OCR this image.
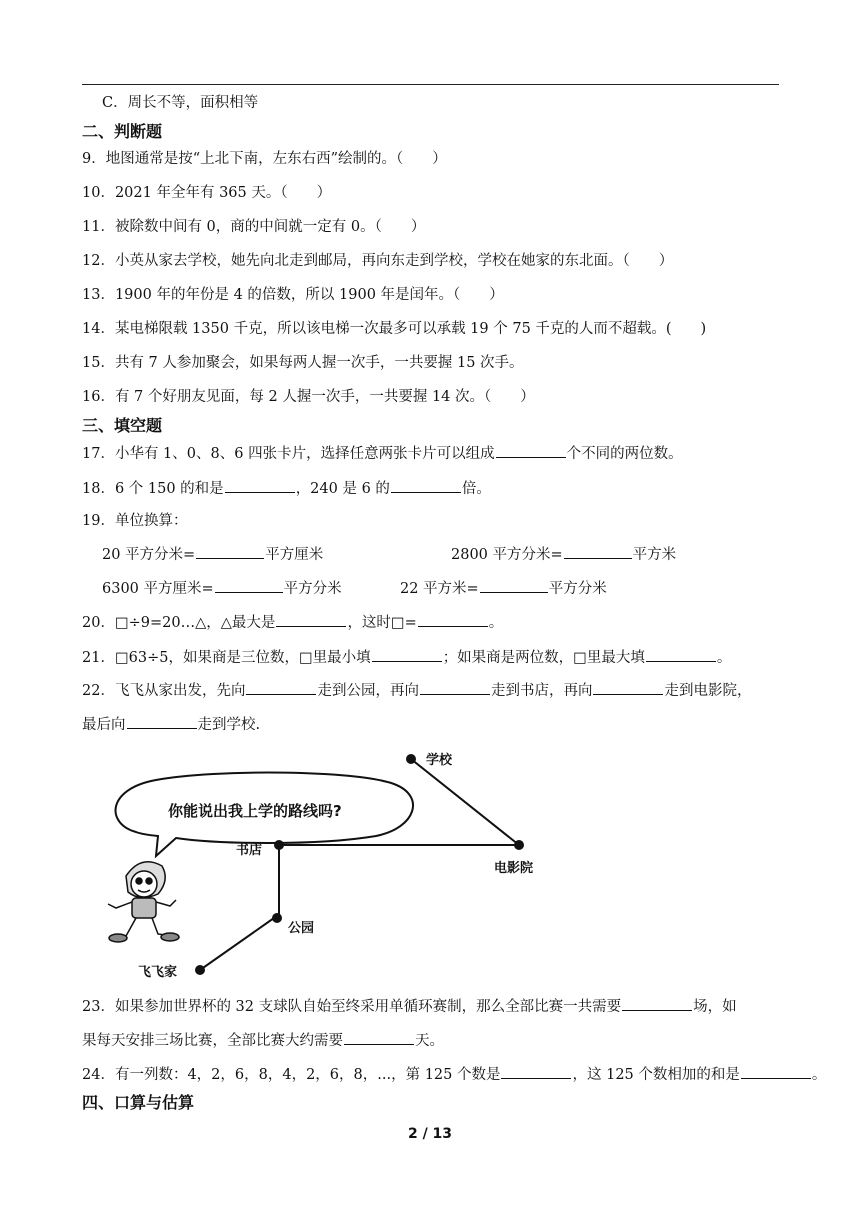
C．周长不等，面积相等
二、判断题
9．地图通常是按“上北下南，左东右西”绘制的。（　　）
10．2021 年全年有 365 天。（　　）
11．被除数中间有 0，商的中间就一定有 0。（　　）
12．小英从家去学校，她先向北走到邮局，再向东走到学校，学校在她家的东北面。（　　）
13．1900 年的年份是 4 的倍数，所以 1900 年是闰年。（　　）
14．某电梯限载 1350 千克，所以该电梯一次最多可以承载 19 个 75 千克的人而不超载。(　　)
15．共有 7 人参加聚会，如果每两人握一次手，一共要握 15 次手。
16．有 7 个好朋友见面，每 2 人握一次手，一共要握 14 次。（　　）
三、填空题
17．小华有 1、0、8、6 四张卡片，选择任意两张卡片可以组成	个不同的两位数。
18．6 个 150 的和是	，240 是 6 的	倍。
19．单位换算：
20 平方分米=	平方厘米	2800 平方分米=	平方米
6300 平方厘米=	平方分米	22 平方米=	平方分米
20．□÷9=20…△，△最大是	，这时□=	。
21．□63÷5，如果商是三位数，□里最小填	；如果商是两位数，□里最大填	。
22．飞飞从家出发，先向	走到公园，再向	走到书店，再向	走到电影院，
最后向	走到学校.
你能说出我上学的路线吗?
学校
书店
电影院
公园
飞飞家
23．如果参加世界杯的 32 支球队自始至终采用单循环赛制，那么全部比赛一共需要	场，如
果每天安排三场比赛，全部比赛大约需要	天。
24．有一列数：4，2，6，8，4，2，6，8，...，第 125 个数是	，这 125 个数相加的和是	。
四、口算与估算
2 / 13
